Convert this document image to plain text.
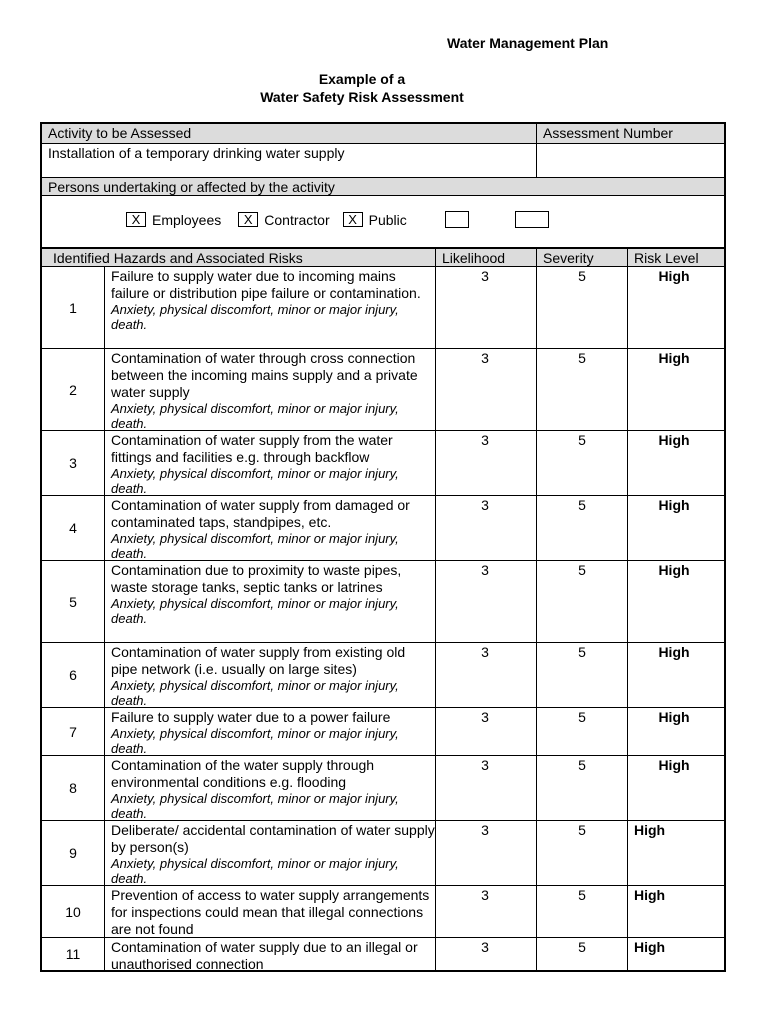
Water Management Plan
Example of a
Water Safety Risk Assessment
Activity to be Assessed	Assessment Number
Installation of a temporary drinking water supply
Persons undertaking or affected by the activity
X Employees	X Contractor	X Public
Identified Hazards and Associated Risks	Likelihood	Severity	Risk Level
1
Failure to supply water due to incoming mains failure or distribution pipe failure or contamination.
Anxiety, physical discomfort, minor or major injury, death.
3	5	High
2
Contamination of water through cross connection between the incoming mains supply and a private water supply
Anxiety, physical discomfort, minor or major injury, death.
3	5	High
3
Contamination of water supply from the water fittings and facilities e.g. through backflow
Anxiety, physical discomfort, minor or major injury, death.
3	5	High
4
Contamination of water supply from damaged or contaminated taps, standpipes, etc.
Anxiety, physical discomfort, minor or major injury, death.
3	5	High
5
Contamination due to proximity to waste pipes, waste storage tanks, septic tanks or latrines
Anxiety, physical discomfort, minor or major injury, death.
3	5	High
6
Contamination of water supply from existing old pipe network (i.e. usually on large sites)
Anxiety, physical discomfort, minor or major injury, death.
3	5	High
7
Failure to supply water due to a power failure
Anxiety, physical discomfort, minor or major injury, death.
3	5	High
8
Contamination of the water supply through environmental conditions e.g. flooding
Anxiety, physical discomfort, minor or major injury, death.
3	5	High
9
Deliberate/ accidental contamination of water supply by person(s)
Anxiety, physical discomfort, minor or major injury, death.
3	5	High
10
Prevention of access to water supply arrangements for inspections could mean that illegal connections are not found
3	5	High
11	Contamination of water supply due to an illegal or unauthorised connection
3	5	High
